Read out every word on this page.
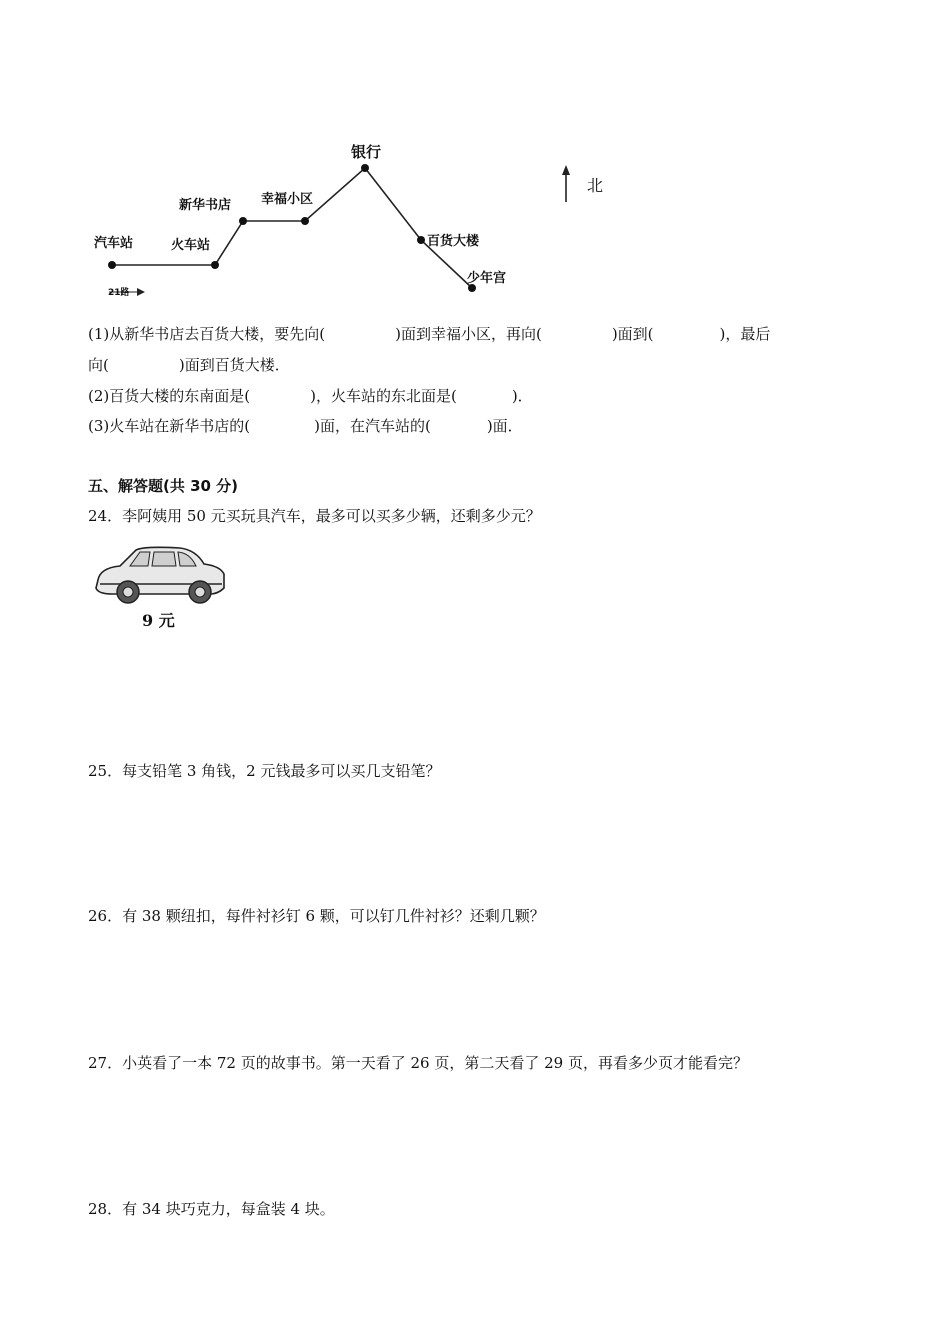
汽车站	火车站
新华书店 幸福小区
银行
百货大楼
少年宫
21路
北
(1)从新华书店去百货大楼，要先向(	)面到幸福小区，再向(	)面到(	)，最后
向(	)面到百货大楼．
(2)百货大楼的东南面是(	)，火车站的东北面是(	)．
(3)火车站在新华书店的(	)面，在汽车站的(	)面．
五、解答题(共 30 分)
24．李阿姨用 50 元买玩具汽车，最多可以买多少辆，还剩多少元？
9 元
25．每支铅笔 3 角钱，2 元钱最多可以买几支铅笔？
26．有 38 颗纽扣，每件衬衫钉 6 颗，可以钉几件衬衫？还剩几颗？
27．小英看了一本 72 页的故事书。第一天看了 26 页，第二天看了 29 页，再看多少页才能看完？
28．有 34 块巧克力，每盒装 4 块。
